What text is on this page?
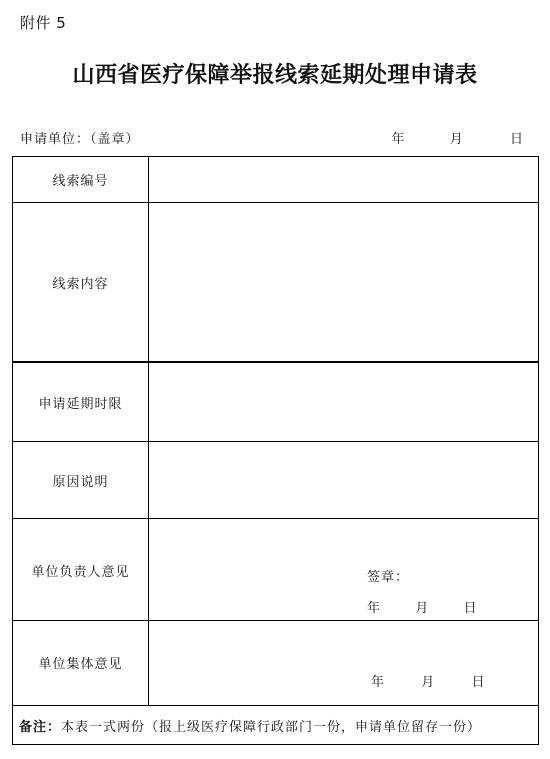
附件 5
山西省医疗保障举报线索延期处理申请表
申请单位：（盖章）	年	月	日
线索编号	
线索内容	
申请延期时限	
原因说明	

单位负责人意见	签章：
年 月 日

单位集体意见	年 月 日

备注：本表一式两份（报上级医疗保障行政部门一份，申请单位留存一份）	
